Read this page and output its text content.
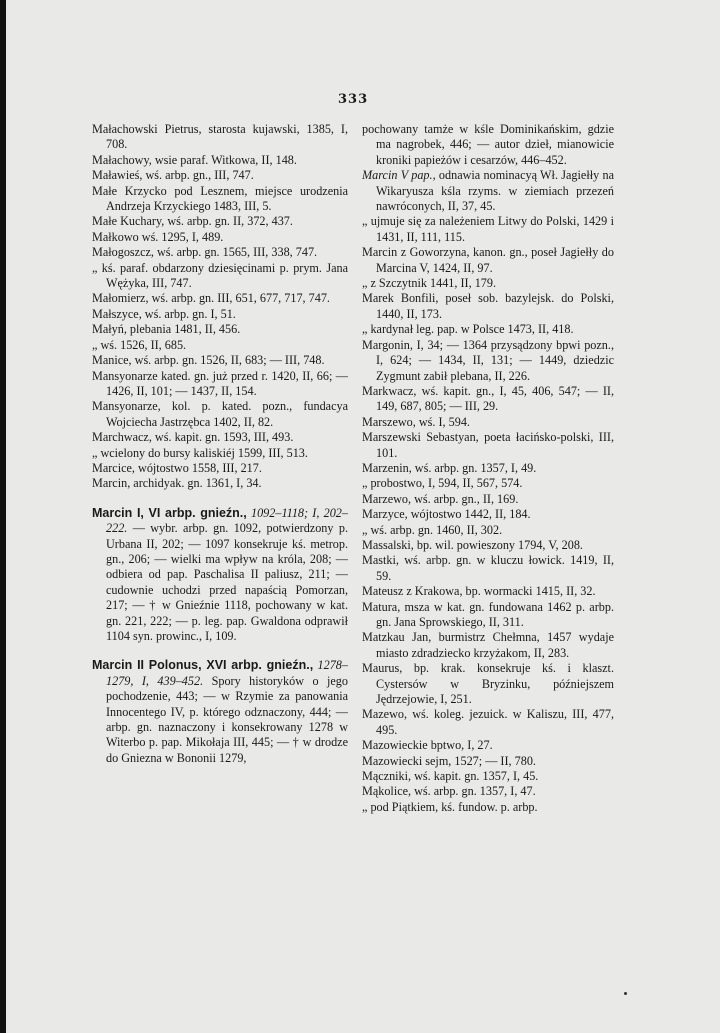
333

Małachowski Pietrus, starosta kujawski, 1385, I, 708.

Małachowy, wsie paraf. Witkowa, II, 148.

Maławieś, wś. arbp. gn., III, 747.

Małe Krzycko pod Lesznem, miejsce urodzenia Andrzeja Krzyckiego 1483, III, 5.

Małe Kuchary, wś. arbp. gn. II, 372, 437.

Małkowo wś. 1295, I, 489.

Małogoszcz, wś. arbp. gn. 1565, III, 338, 747.

„ kś. paraf. obdarzony dziesięcinami p. prym. Jana Wężyka, III, 747.

Małomierz, wś. arbp. gn. III, 651, 677, 717, 747.

Małszyce, wś. arbp. gn. I, 51.

Małyń, plebania 1481, II, 456.

„ wś. 1526, II, 685.

Manice, wś. arbp. gn. 1526, II, 683; — III, 748.

Mansyonarze kated. gn. już przed r. 1420, II, 66; — 1426, II, 101; — 1437, II, 154.

Mansyonarze, kol. p. kated. pozn., fundacya Wojciecha Jastrzębca 1402, II, 82.

Marchwacz, wś. kapit. gn. 1593, III, 493.

„ wcielony do bursy kaliskiéj 1599, III, 513.

Marcice, wójtostwo 1558, III, 217.

Marcin, archidyak. gn. 1361, I, 34.

Marcin I, VI arbp. gnieźn., 1092–1118; I, 202–222. — wybr. arbp. gn. 1092, potwierdzony p. Urbana II, 202; — 1097 konsekruje kś. metrop. gn., 206; — wielki ma wpływ na króla, 208; — odbiera od pap. Paschalisa II paliusz, 211; — cudownie uchodzi przed napaścią Pomorzan, 217; — † w Gnieźnie 1118, pochowany w kat. gn. 221, 222; — p. leg. pap. Gwaldona odprawił 1104 syn. prowinc., I, 109.

Marcin II Polonus, XVI arbp. gnieźn., 1278–1279, I, 439–452. Spory historyków o jego pochodzenie, 443; — w Rzymie za panowania Innocentego IV, p. którego odznaczony, 444; — arbp. gn. naznaczony i konsekrowany 1278 w Witerbo p. pap. Mikołaja III, 445; — † w drodze do Gniezna w Bononii 1279,

pochowany tamże w kśle Dominikańskim, gdzie ma nagrobek, 446; — autor dzieł, mianowicie kroniki papieżów i cesarzów, 446–452.

Marcin V pap., odnawia nominacyą Wł. Jagiełły na Wikaryusza kśla rzyms. w ziemiach przezeń nawróconych, II, 37, 45.

„ ujmuje się za należeniem Litwy do Polski, 1429 i 1431, II, 111, 115.

Marcin z Goworzyna, kanon. gn., poseł Jagiełły do Marcina V, 1424, II, 97.

„ z Szczytnik 1441, II, 179.

Marek Bonfili, poseł sob. bazylejsk. do Polski, 1440, II, 173.

„ kardynał leg. pap. w Polsce 1473, II, 418.

Margonin, I, 34; — 1364 przysądzony bpwi pozn., I, 624; — 1434, II, 131; — 1449, dziedzic Zygmunt zabił plebana, II, 226.

Markwacz, wś. kapit. gn., I, 45, 406, 547; — II, 149, 687, 805; — III, 29.

Marszewo, wś. I, 594.

Marszewski Sebastyan, poeta łacińsko-polski, III, 101.

Marzenin, wś. arbp. gn. 1357, I, 49.

„ probostwo, I, 594, II, 567, 574.

Marzewo, wś. arbp. gn., II, 169.

Marzyce, wójtostwo 1442, II, 184.

„ wś. arbp. gn. 1460, II, 302.

Massalski, bp. wil. powieszony 1794, V, 208.

Mastki, wś. arbp. gn. w kluczu łowick. 1419, II, 59.

Mateusz z Krakowa, bp. wormacki 1415, II, 32.

Matura, msza w kat. gn. fundowana 1462 p. arbp. gn. Jana Sprowskiego, II, 311.

Matzkau Jan, burmistrz Chełmna, 1457 wydaje miasto zdradziecko krzyżakom, II, 283.

Maurus, bp. krak. konsekruje kś. i klaszt. Cystersów w Bryzinku, późniejszem Jędrzejowie, I, 251.

Mazewo, wś. koleg. jezuick. w Kaliszu, III, 477, 495.

Mazowieckie bptwo, I, 27.

Mazowiecki sejm, 1527; — II, 780.

Mączniki, wś. kapit. gn. 1357, I, 45.

Mąkolice, wś. arbp. gn. 1357, I, 47.

„ pod Piątkiem, kś. fundow. p. arbp.
